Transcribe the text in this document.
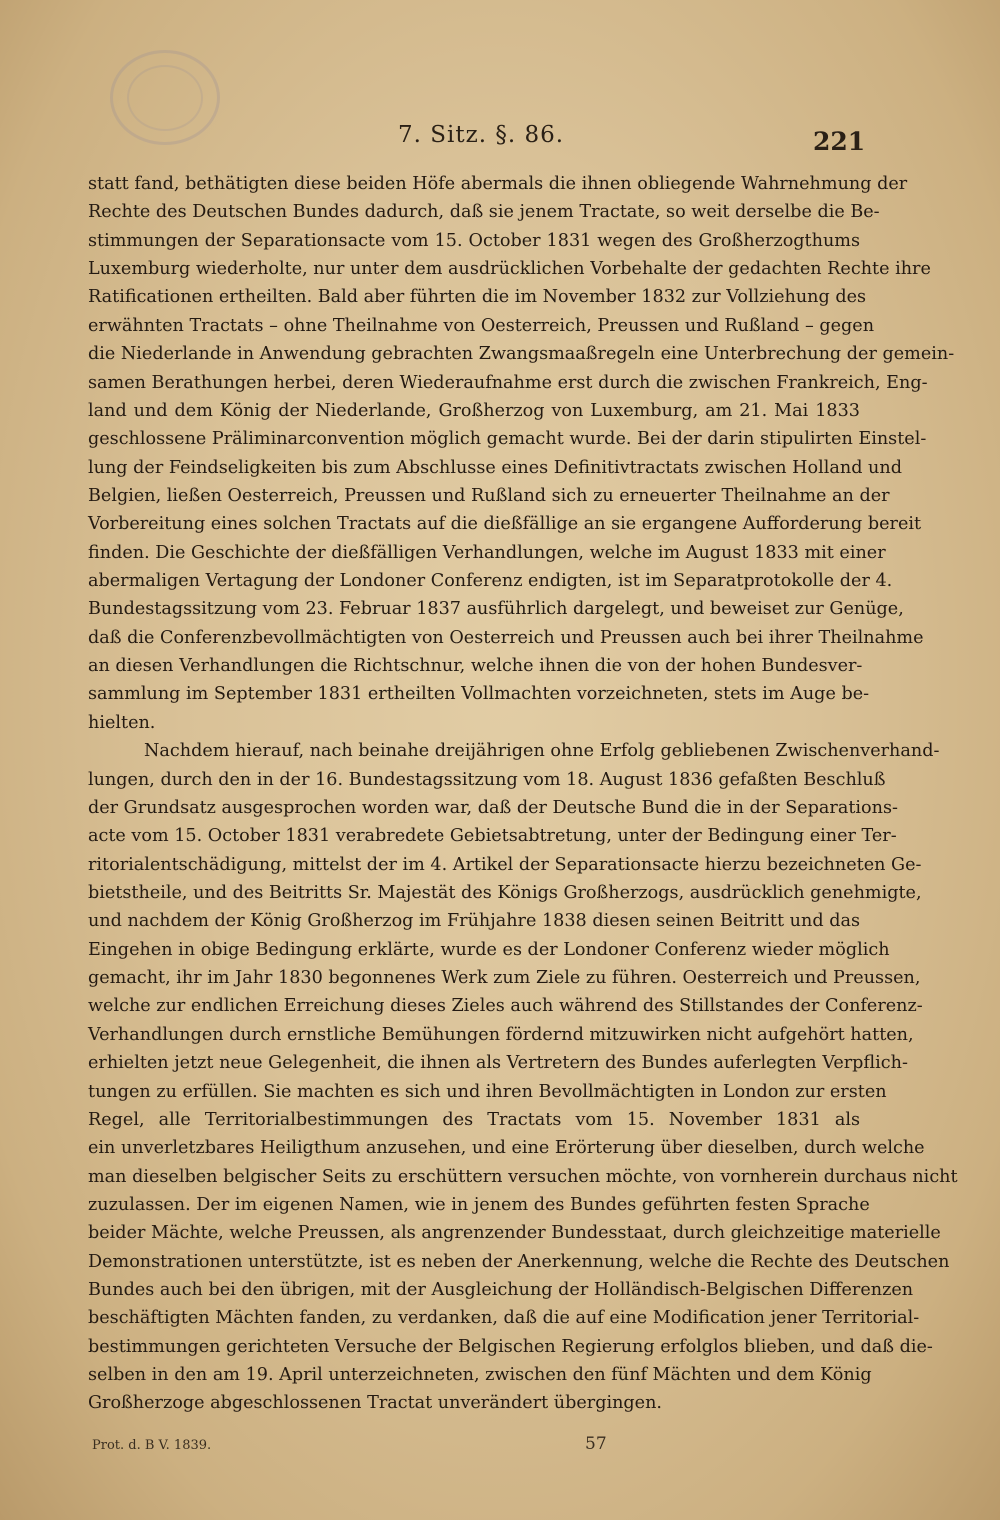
7. Sitz. §. 86.	221

statt fand, bethätigten diese beiden Höfe abermals die ihnen obliegende Wahrnehmung der
Rechte des Deutschen Bundes dadurch, daß sie jenem Tractate, so weit derselbe die Be-
stimmungen der Separationsacte vom 15. October 1831 wegen des Großherzogthums
Luxemburg wiederholte, nur unter dem ausdrücklichen Vorbehalte der gedachten Rechte ihre
Ratificationen ertheilten. Bald aber führten die im November 1832 zur Vollziehung des
erwähnten Tractats – ohne Theilnahme von Oesterreich, Preussen und Rußland – gegen
die Niederlande in Anwendung gebrachten Zwangsmaaßregeln eine Unterbrechung der gemein-
samen Berathungen herbei, deren Wiederaufnahme erst durch die zwischen Frankreich, Eng-
land und dem König der Niederlande, Großherzog von Luxemburg, am 21. Mai 1833
geschlossene Präliminarconvention möglich gemacht wurde. Bei der darin stipulirten Einstel-
lung der Feindseligkeiten bis zum Abschlusse eines Definitivtractats zwischen Holland und
Belgien, ließen Oesterreich, Preussen und Rußland sich zu erneuerter Theilnahme an der
Vorbereitung eines solchen Tractats auf die dießfällige an sie ergangene Aufforderung bereit
finden. Die Geschichte der dießfälligen Verhandlungen, welche im August 1833 mit einer
abermaligen Vertagung der Londoner Conferenz endigten, ist im Separatprotokolle der 4.
Bundestagssitzung vom 23. Februar 1837 ausführlich dargelegt, und beweiset zur Genüge,
daß die Conferenzbevollmächtigten von Oesterreich und Preussen auch bei ihrer Theilnahme
an diesen Verhandlungen die Richtschnur, welche ihnen die von der hohen Bundesver-
sammlung im September 1831 ertheilten Vollmachten vorzeichneten, stets im Auge be-
hielten.

Nachdem hierauf, nach beinahe dreijährigen ohne Erfolg gebliebenen Zwischenverhand-
lungen, durch den in der 16. Bundestagssitzung vom 18. August 1836 gefaßten Beschluß
der Grundsatz ausgesprochen worden war, daß der Deutsche Bund die in der Separations-
acte vom 15. October 1831 verabredete Gebietsabtretung, unter der Bedingung einer Ter-
ritorialentschädigung, mittelst der im 4. Artikel der Separationsacte hierzu bezeichneten Ge-
bietstheile, und des Beitritts Sr. Majestät des Königs Großherzogs, ausdrücklich genehmigte,
und nachdem der König Großherzog im Frühjahre 1838 diesen seinen Beitritt und das
Eingehen in obige Bedingung erklärte, wurde es der Londoner Conferenz wieder möglich
gemacht, ihr im Jahr 1830 begonnenes Werk zum Ziele zu führen. Oesterreich und Preussen,
welche zur endlichen Erreichung dieses Zieles auch während des Stillstandes der Conferenz-
Verhandlungen durch ernstliche Bemühungen fördernd mitzuwirken nicht aufgehört hatten,
erhielten jetzt neue Gelegenheit, die ihnen als Vertretern des Bundes auferlegten Verpflich-
tungen zu erfüllen. Sie machten es sich und ihren Bevollmächtigten in London zur ersten
Regel, alle Territorialbestimmungen des Tractats vom 15. November 1831 als
ein unverletzbares Heiligthum anzusehen, und eine Erörterung über dieselben, durch welche
man dieselben belgischer Seits zu erschüttern versuchen möchte, von vornherein durchaus nicht
zuzulassen. Der im eigenen Namen, wie in jenem des Bundes geführten festen Sprache
beider Mächte, welche Preussen, als angrenzender Bundesstaat, durch gleichzeitige materielle
Demonstrationen unterstützte, ist es neben der Anerkennung, welche die Rechte des Deutschen
Bundes auch bei den übrigen, mit der Ausgleichung der Holländisch-Belgischen Differenzen
beschäftigten Mächten fanden, zu verdanken, daß die auf eine Modification jener Territorial-
bestimmungen gerichteten Versuche der Belgischen Regierung erfolglos blieben, und daß die-
selben in den am 19. April unterzeichneten, zwischen den fünf Mächten und dem König
Großherzoge abgeschlossenen Tractat unverändert übergingen.

Prot. d. B V. 1839.	57
